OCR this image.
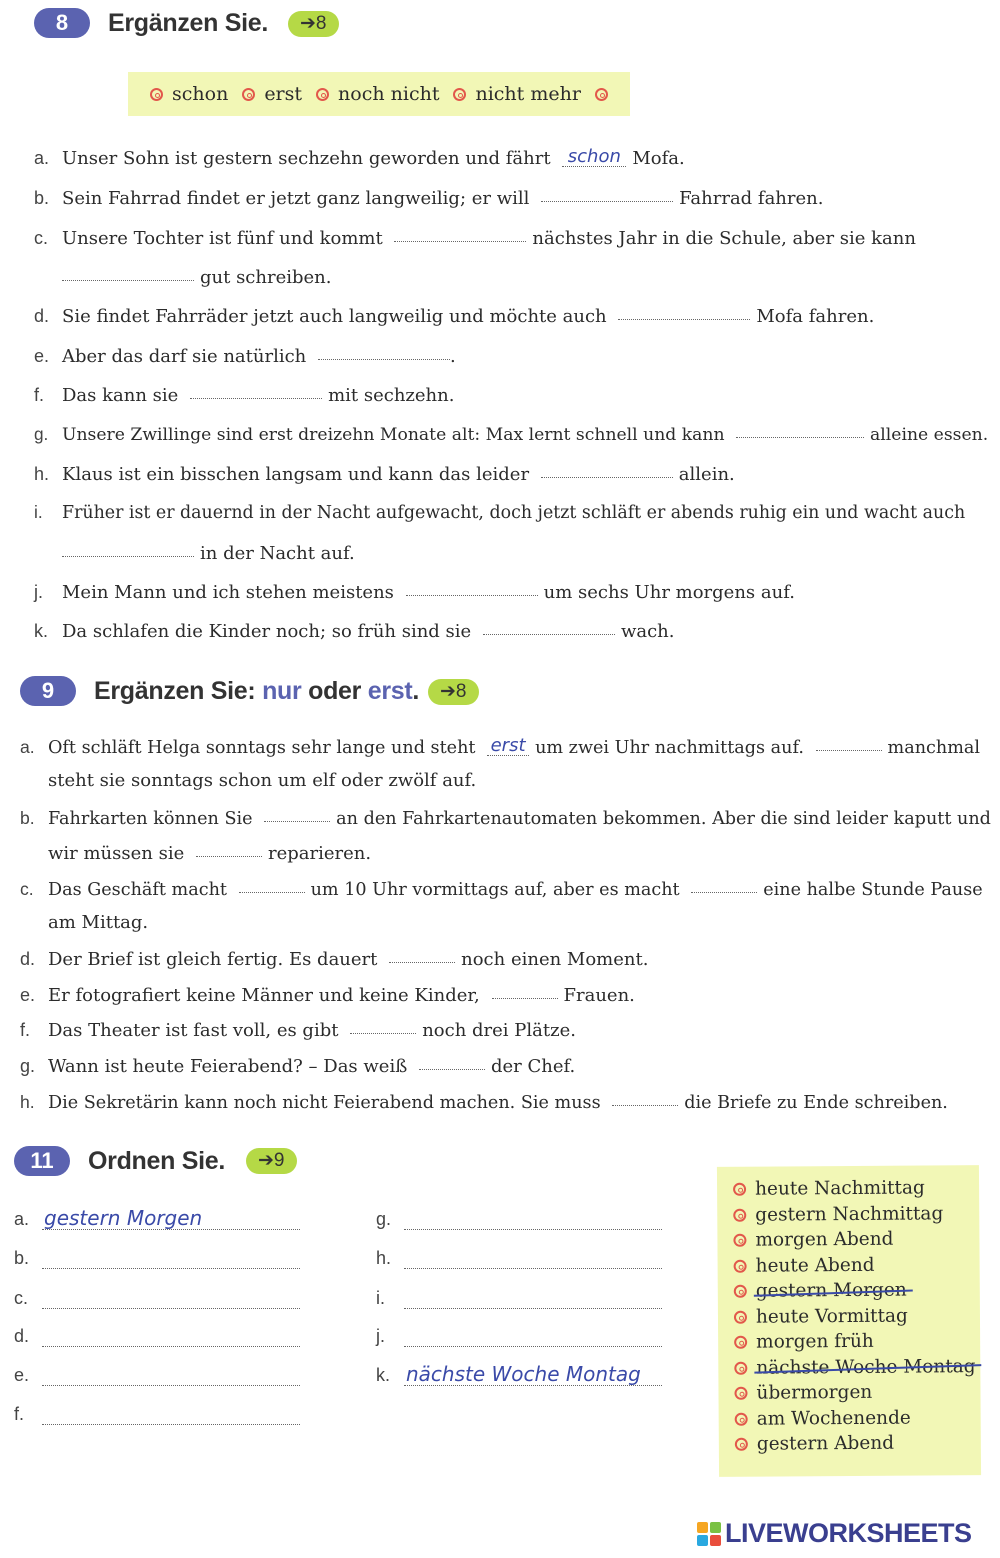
8	Ergänzen Sie.	➔8
schon erst noch nicht nicht mehr
a. Unser Sohn ist gestern sechzehn geworden und fährt schon Mofa.
b. Sein Fahrrad findet er jetzt ganz langweilig; er will	Fahrrad fahren.
c. Unsere Tochter ist fünf und kommt	nächstes Jahr in die Schule, aber sie kann
gut schreiben.
d. Sie findet Fahrräder jetzt auch langweilig und möchte auch	Mofa fahren.
e. Aber das darf sie natürlich	.
f. Das kann sie	mit sechzehn.
g. Unsere Zwillinge sind erst dreizehn Monate alt: Max lernt schnell und kann	alleine essen.
h. Klaus ist ein bisschen langsam und kann das leider	allein.
i. Früher ist er dauernd in der Nacht aufgewacht, doch jetzt schläft er abends ruhig ein und wacht auch
in der Nacht auf.
j. Mein Mann und ich stehen meistens	um sechs Uhr morgens auf.
k. Da schlafen die Kinder noch; so früh sind sie	wach.
9	Ergänzen Sie: nur oder erst.	➔8
a. Oft schläft Helga sonntags sehr lange und steht erst um zwei Uhr nachmittags auf.	manchmal
steht sie sonntags schon um elf oder zwölf auf.
b. Fahrkarten können Sie	an den Fahrkartenautomaten bekommen. Aber die sind leider kaputt und
wir müssen sie	reparieren.
c. Das Geschäft macht	um 10 Uhr vormittags auf, aber es macht	eine halbe Stunde Pause
am Mittag.
d. Der Brief ist gleich fertig. Es dauert	noch einen Moment.
e. Er fotografiert keine Männer und keine Kinder,	Frauen.
f. Das Theater ist fast voll, es gibt	noch drei Plätze.
g. Wann ist heute Feierabend? – Das weiß	der Chef.
h. Die Sekretärin kann noch nicht Feierabend machen. Sie muss	die Briefe zu Ende schreiben.
11	Ordnen Sie.	➔9
a. gestern Morgen
b.
c.
d.
e.
f.
g.
h.
i.
j.
k. nächste Woche Montag
heute Nachmittag
gestern Nachmittag
morgen Abend
heute Abend
gestern Morgen
heute Vormittag
morgen früh
nächste Woche Montag
übermorgen
am Wochenende
gestern Abend
LIVEWORKSHEETS
